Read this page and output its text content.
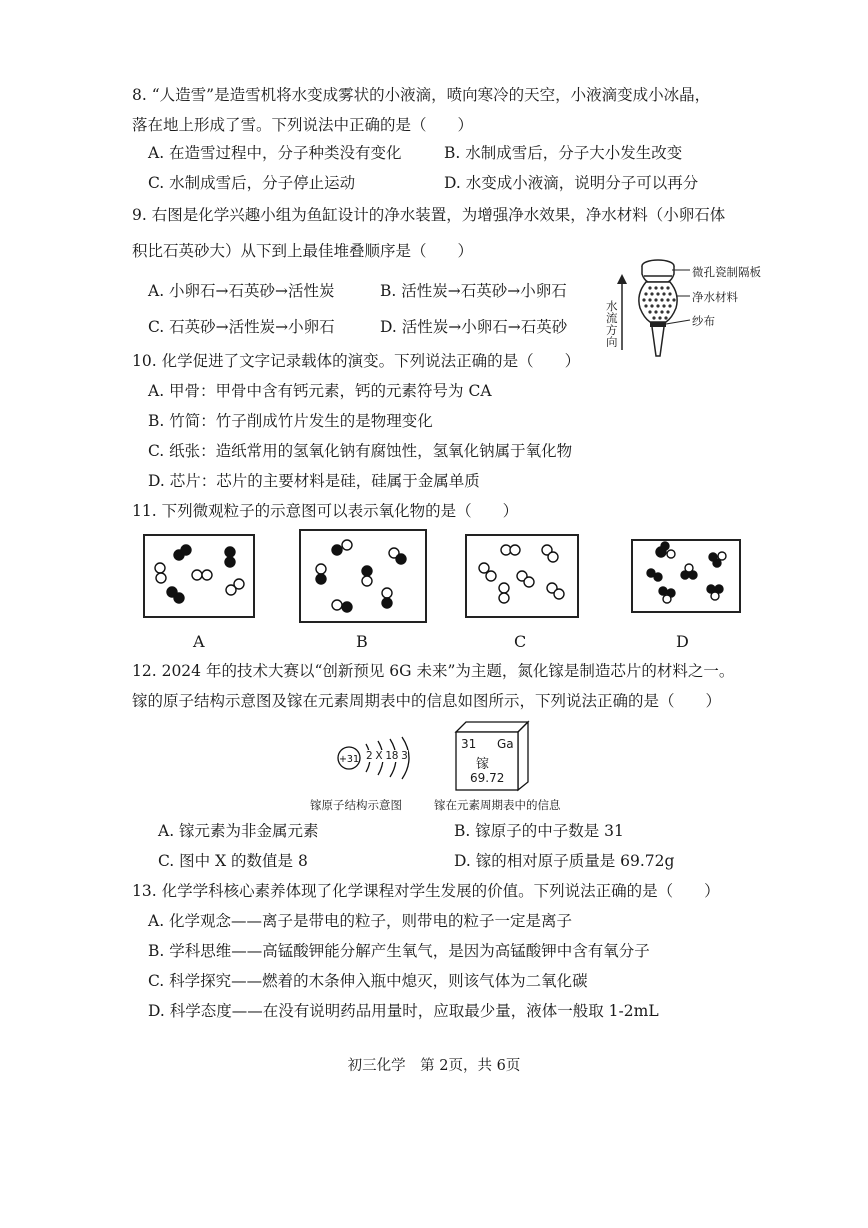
8. “人造雪”是造雪机将水变成雾状的小液滴，喷向寒冷的天空，小液滴变成小冰晶，
落在地上形成了雪。下列说法中正确的是（　　）
A. 在造雪过程中，分子种类没有变化	B. 水制成雪后，分子大小发生改变
C. 水制成雪后，分子停止运动	D. 水变成小液滴，说明分子可以再分
9. 右图是化学兴趣小组为鱼缸设计的净水装置，为增强净水效果，净水材料（小卵石体
积比石英砂大）从下到上最佳堆叠顺序是（　　）
A. 小卵石→石英砂→活性炭	B. 活性炭→石英砂→小卵石
C. 石英砂→活性炭→小卵石	D. 活性炭→小卵石→石英砂
微孔瓷制隔板
净水材料
纱布
水
流
方
向
10. 化学促进了文字记录载体的演变。下列说法正确的是（　　）
A. 甲骨：甲骨中含有钙元素，钙的元素符号为 CA
B. 竹简：竹子削成竹片发生的是物理变化
C. 纸张：造纸常用的氢氧化钠有腐蚀性，氢氧化钠属于氧化物
D. 芯片：芯片的主要材料是硅，硅属于金属单质
11. 下列微观粒子的示意图可以表示氧化物的是（　　）
A	B	C	D
12. 2024 年的技术大赛以“创新预见 6G 未来”为主题，氮化镓是制造芯片的材料之一。
镓的原子结构示意图及镓在元素周期表中的信息如图所示，下列说法正确的是（　　）
+31 2 X 18 3
31 Ga
镓
69.72
镓原子结构示意图	镓在元素周期表中的信息
A. 镓元素为非金属元素	B. 镓原子的中子数是 31
C. 图中 X 的数值是 8	D. 镓的相对原子质量是 69.72g
13. 化学学科核心素养体现了化学课程对学生发展的价值。下列说法正确的是（　　）
A. 化学观念——离子是带电的粒子，则带电的粒子一定是离子
B. 学科思维——高锰酸钾能分解产生氧气，是因为高锰酸钾中含有氧分子
C. 科学探究——燃着的木条伸入瓶中熄灭，则该气体为二氧化碳
D. 科学态度——在没有说明药品用量时，应取最少量，液体一般取 1-2mL
初三化学　第 2页，共 6页
